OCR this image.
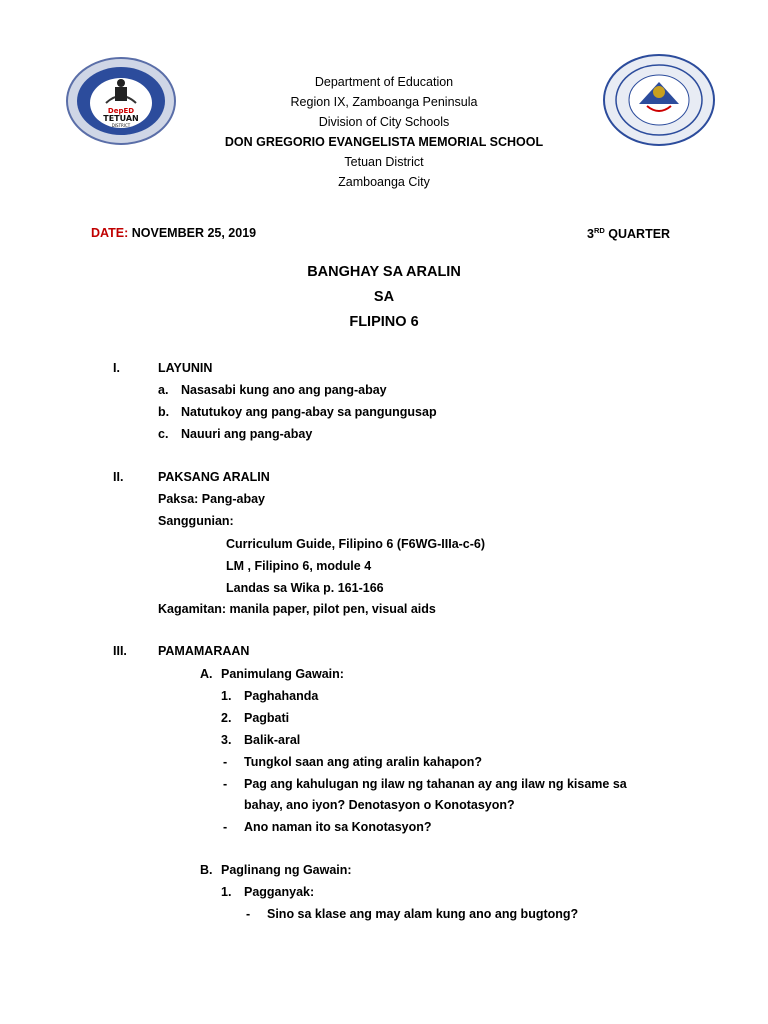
DepED
TETUAN
DISTRICT
Department of Education
Region IX, Zamboanga Peninsula
Division of City Schools
DON GREGORIO EVANGELISTA MEMORIAL SCHOOL
Tetuan District
Zamboanga City
DATE: NOVEMBER 25, 2019	3RD QUARTER
BANGHAY SA ARALIN
SA
FLIPINO 6
I.	LAYUNIN
a. Nasasabi kung ano ang pang-abay
b. Natutukoy ang pang-abay sa pangungusap
c. Nauuri ang pang-abay
II.	PAKSANG ARALIN
Paksa: Pang-abay
Sanggunian:
Curriculum Guide, Filipino 6 (F6WG-IIIa-c-6)
LM , Filipino 6, module 4
Landas sa Wika p. 161-166
Kagamitan: manila paper, pilot pen, visual aids
III. PAMAMARAAN
A. Panimulang Gawain:
1. Paghahanda
2. Pagbati
3. Balik-aral
- Tungkol saan ang ating aralin kahapon?
- Pag ang kahulugan ng ilaw ng tahanan ay ang ilaw ng kisame sa
bahay, ano iyon? Denotasyon o Konotasyon?
- Ano naman ito sa Konotasyon?
B. Paglinang ng Gawain:
1. Pagganyak:
- Sino sa klase ang may alam kung ano ang bugtong?
